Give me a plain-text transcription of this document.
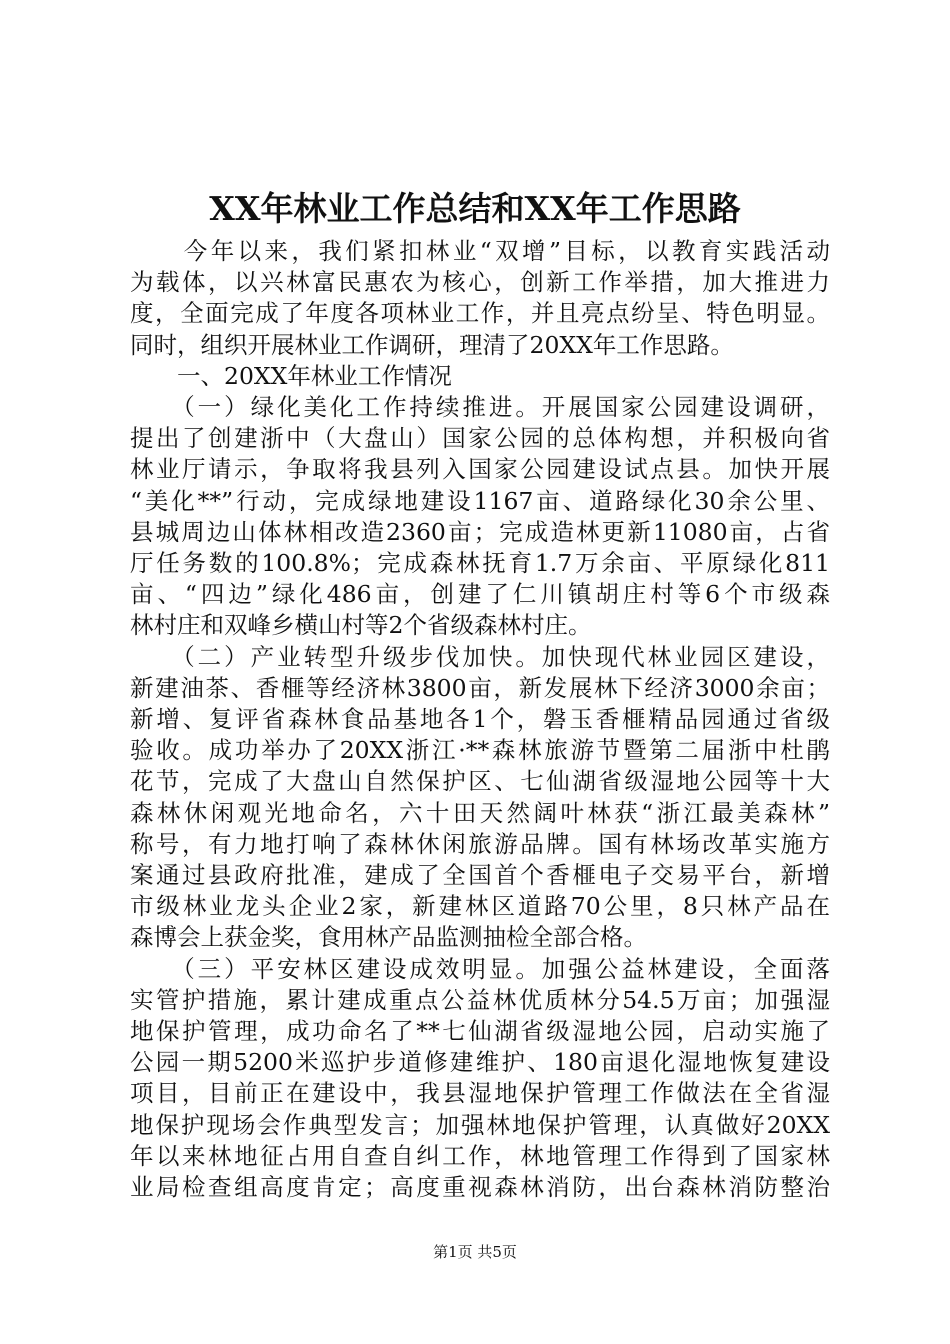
XX年林业工作总结和XX年工作思路
　　今年以来，我们紧扣林业“双增”目标，以教育实践活动
为载体，以兴林富民惠农为核心，创新工作举措，加大推进力
度，全面完成了年度各项林业工作，并且亮点纷呈、特色明显。
同时，组织开展林业工作调研，理清了20XX年工作思路。
　　一、20XX年林业工作情况
　　（一）绿化美化工作持续推进。开展国家公园建设调研，
提出了创建浙中（大盘山）国家公园的总体构想，并积极向省
林业厅请示，争取将我县列入国家公园建设试点县。加快开展
“美化**”行动，完成绿地建设1167亩、道路绿化30余公里、
县城周边山体林相改造2360亩；完成造林更新11080亩，占省
厅任务数的100.8%；完成森林抚育1.7万余亩、平原绿化811
亩、“四边”绿化486亩，创建了仁川镇胡庄村等6个市级森
林村庄和双峰乡横山村等2个省级森林村庄。
　　（二）产业转型升级步伐加快。加快现代林业园区建设，
新建油茶、香榧等经济林3800亩，新发展林下经济3000余亩；
新增、复评省森林食品基地各1个，磐玉香榧精品园通过省级
验收。成功举办了20XX浙江·**森林旅游节暨第二届浙中杜鹃
花节，完成了大盘山自然保护区、七仙湖省级湿地公园等十大
森林休闲观光地命名，六十田天然阔叶林获“浙江最美森林”
称号，有力地打响了森林休闲旅游品牌。国有林场改革实施方
案通过县政府批准，建成了全国首个香榧电子交易平台，新增
市级林业龙头企业2家，新建林区道路70公里，8只林产品在
森博会上获金奖，食用林产品监测抽检全部合格。
　　（三）平安林区建设成效明显。加强公益林建设，全面落
实管护措施，累计建成重点公益林优质林分54.5万亩；加强湿
地保护管理，成功命名了**七仙湖省级湿地公园，启动实施了
公园一期5200米巡护步道修建维护、180亩退化湿地恢复建设
项目，目前正在建设中，我县湿地保护管理工作做法在全省湿
地保护现场会作典型发言；加强林地保护管理，认真做好20XX
年以来林地征占用自查自纠工作，林地管理工作得到了国家林
业局检查组高度肯定；高度重视森林消防，出台森林消防整治
第1页 共5页
